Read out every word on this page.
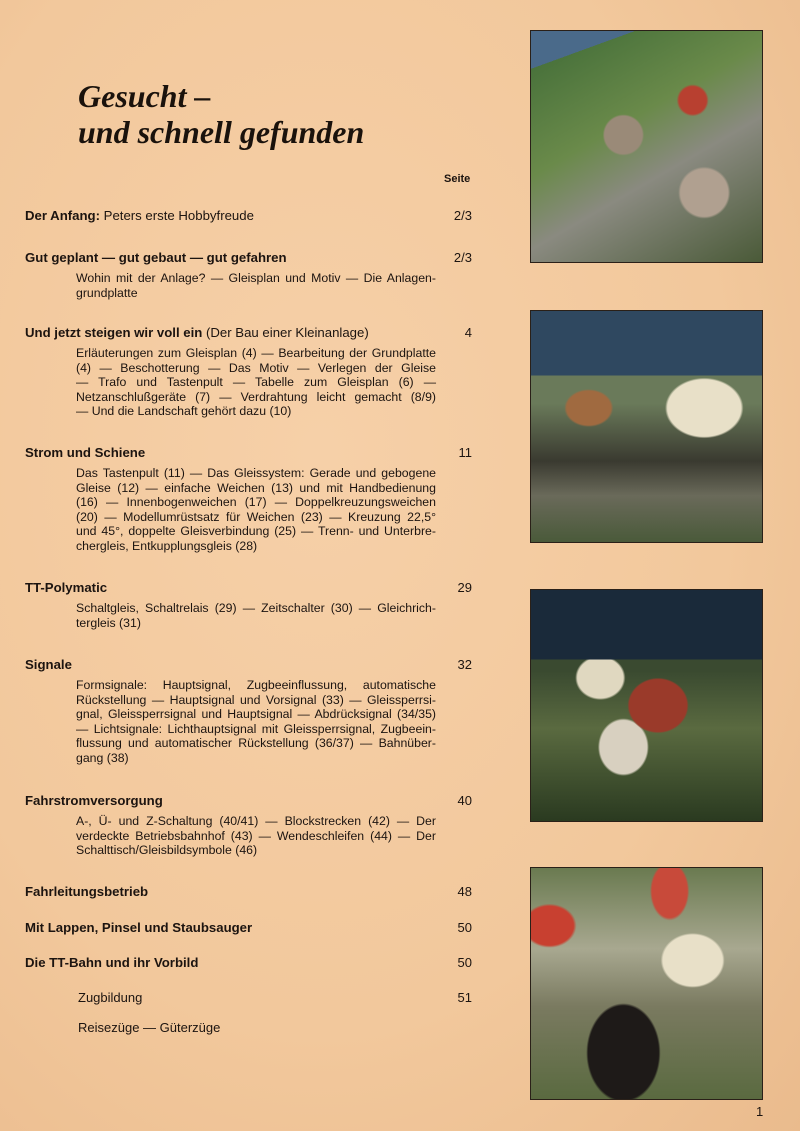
Gesucht –
und schnell gefunden
Seite
Der Anfang: Peters erste Hobbyfreude	2/3
Gut geplant — gut gebaut — gut gefahren	2/3
Wohin mit der Anlage? — Gleisplan und Motiv — Die Anlagen-
grundplatte
Und jetzt steigen wir voll ein (Der Bau einer Kleinanlage)	4
Erläuterungen zum Gleisplan (4) — Bearbeitung der Grundplatte
(4) — Beschotterung — Das Motiv — Verlegen der Gleise
— Trafo und Tastenpult — Tabelle zum Gleisplan (6) —
Netzanschlußgeräte (7) — Verdrahtung leicht gemacht (8/9)
— Und die Landschaft gehört dazu (10)
Strom und Schiene	11
Das Tastenpult (11) — Das Gleissystem: Gerade und gebogene
Gleise (12) — einfache Weichen (13) und mit Handbedienung
(16) — Innenbogenweichen (17) — Doppelkreuzungsweichen
(20) — Modellumrüstsatz für Weichen (23) — Kreuzung 22,5°
und 45°, doppelte Gleisverbindung (25) — Trenn- und Unterbre-
chergleis, Entkupplungsgleis (28)
TT-Polymatic	29
Schaltgleis, Schaltrelais (29) — Zeitschalter (30) — Gleichrich-
tergleis (31)
Signale	32
Formsignale: Hauptsignal, Zugbeeinflussung, automatische
Rückstellung — Hauptsignal und Vorsignal (33) — Gleissperrsi-
gnal, Gleissperrsignal und Hauptsignal — Abdrücksignal (34/35)
— Lichtsignale: Lichthauptsignal mit Gleissperrsignal, Zugbeein-
flussung und automatischer Rückstellung (36/37) — Bahnüber-
gang (38)
Fahrstromversorgung	40
A-, Ü- und Z-Schaltung (40/41) — Blockstrecken (42) — Der
verdeckte Betriebsbahnhof (43) — Wendeschleifen (44) — Der
Schalttisch/Gleisbildsymbole (46)
Fahrleitungsbetrieb	48
Mit Lappen, Pinsel und Staubsauger	50
Die TT-Bahn und ihr Vorbild	50
Zugbildung	51
Reisezüge — Güterzüge
1
